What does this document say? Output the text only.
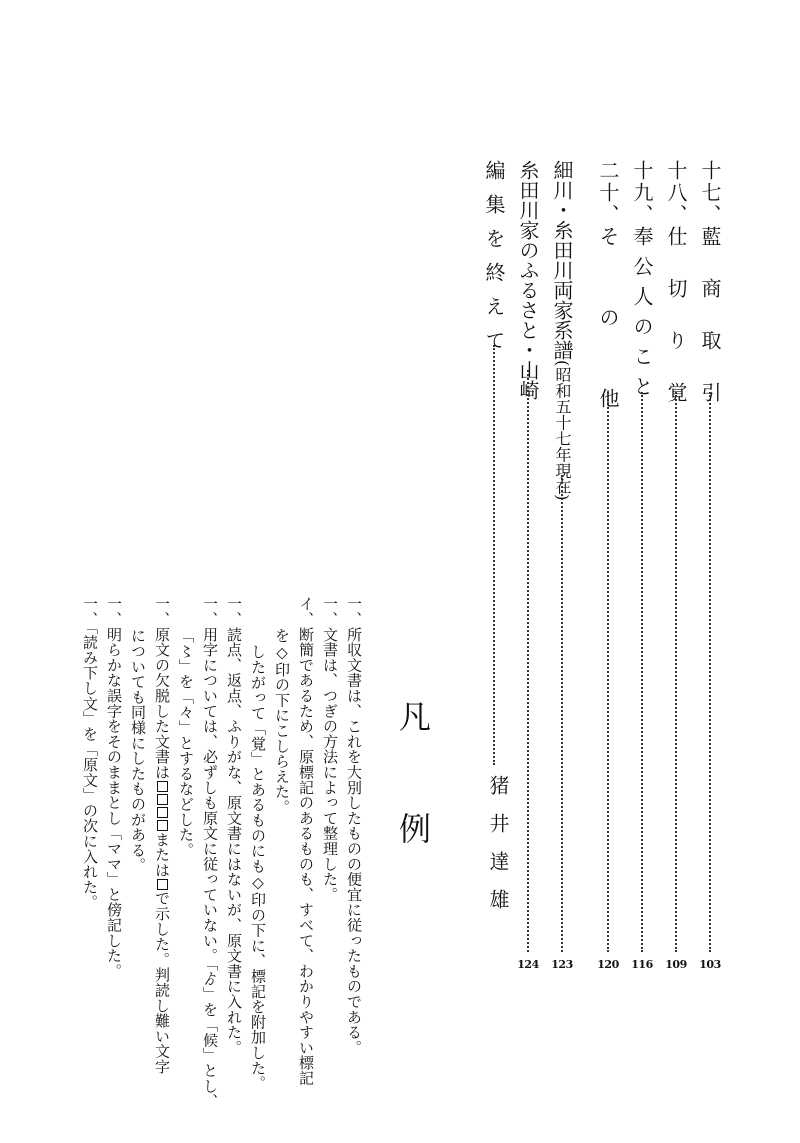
十七、藍　商　取　引
103
十八、仕　切　り　覚
109
十九、奉公人のこと
116
二十、そ　　の　　他
120
細川・糸田川両家系譜(昭和五十七年現在)
123
糸田川家のふるさと・山崎
124
編集を終えて
猪井達雄
凡例
一、所収文書は、これを大別したものの便宜に従ったものである。
一、文書は、つぎの方法によって整理した。
イ、断簡であるため、原標記のあるものも、すべて、わかりやすい標記
を◇印の下にこしらえた。
したがって「覚」とあるものにも◇印の下に、標記を附加した。
一、読点、返点、ふりがな、原文書にはないが、原文書に入れた。
一、用字については、必ずしも原文に従っていない。「ゟ」を「候」とし、
「〻」を「々」とするなどした。
一、原文の欠脱した文書はまたはで示した。判読し難い文字
についても同様にしたものがある。
一、明らかな誤字をそのままとし「ママ」と傍記した。
一、「読み下し文」を「原文」の次に入れた。
